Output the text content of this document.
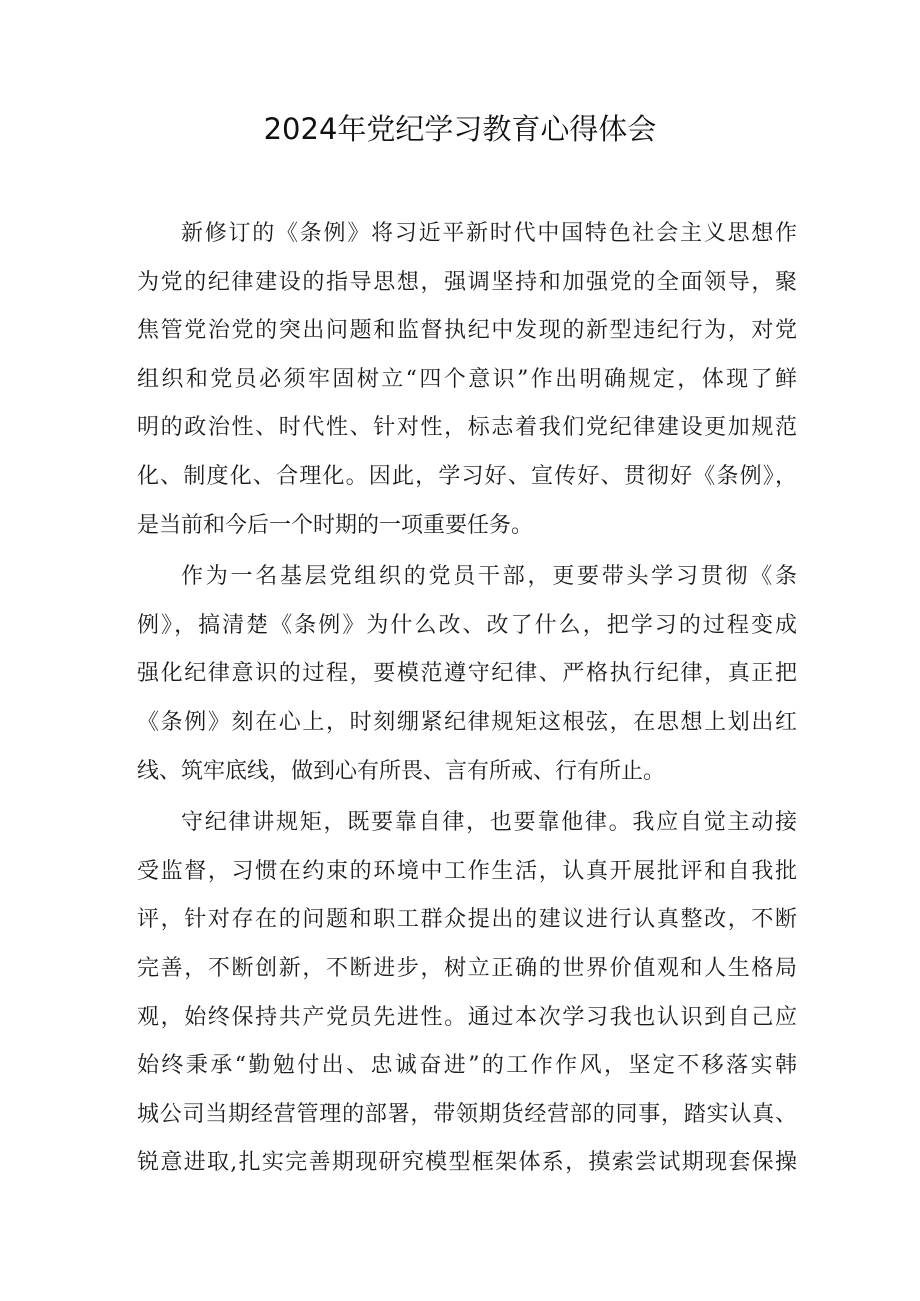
2024年党纪学习教育心得体会
新修订的《条例》将习近平新时代中国特色社会主义思想作
为党的纪律建设的指导思想，强调坚持和加强党的全面领导，聚
焦管党治党的突出问题和监督执纪中发现的新型违纪行为，对党
组织和党员必须牢固树立“四个意识”作出明确规定，体现了鲜
明的政治性、时代性、针对性，标志着我们党纪律建设更加规范
化、制度化、合理化。因此，学习好、宣传好、贯彻好《条例》，
是当前和今后一个时期的一项重要任务。
作为一名基层党组织的党员干部，更要带头学习贯彻《条
例》，搞清楚《条例》为什么改、改了什么，把学习的过程变成
强化纪律意识的过程，要模范遵守纪律、严格执行纪律，真正把
《条例》刻在心上，时刻绷紧纪律规矩这根弦，在思想上划出红
线、筑牢底线，做到心有所畏、言有所戒、行有所止。
守纪律讲规矩，既要靠自律，也要靠他律。我应自觉主动接
受监督，习惯在约束的环境中工作生活，认真开展批评和自我批
评，针对存在的问题和职工群众提出的建议进行认真整改，不断
完善，不断创新，不断进步，树立正确的世界价值观和人生格局
观，始终保持共产党员先进性。通过本次学习我也认识到自己应
始终秉承“勤勉付出、忠诚奋进”的工作作风，坚定不移落实韩
城公司当期经营管理的部署，带领期货经营部的同事，踏实认真、
锐意进取,扎实完善期现研究模型框架体系，摸索尝试期现套保操
